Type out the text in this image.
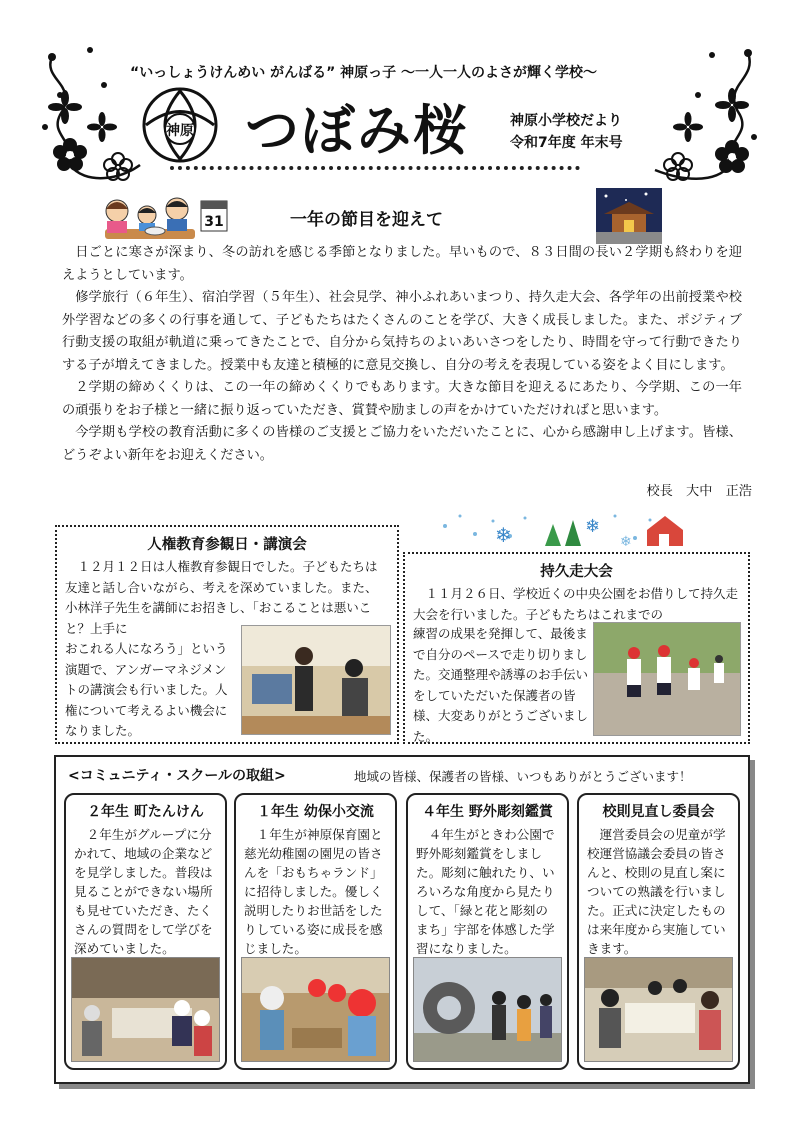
“いっしょうけんめい がんばる” 神原っ子 〜一人一人のよさが輝く学校〜
神原 つぼみ桜	神原小学校だより
令和7年度 年末号
31	一年の節目を迎えて

日ごとに寒さが深まり、冬の訪れを感じる季節となりました。早いもので、８３日間の長い２学期も終わりを迎えようとしています。

修学旅行（６年生）、宿泊学習（５年生）、社会見学、神小ふれあいまつり、持久走大会、各学年の出前授業や校外学習などの多くの行事を通して、子どもたちはたくさんのことを学び、大きく成長しました。また、ポジティブ行動支援の取組が軌道に乗ってきたことで、自分から気持ちのよいあいさつをしたり、時間を守って行動できたりする子が増えてきました。授業中も友達と積極的に意見交換し、自分の考えを表現している姿をよく目にします。

２学期の締めくくりは、この一年の締めくくりでもあります。大きな節目を迎えるにあたり、今学期、この一年の頑張りをお子様と一緒に振り返っていただき、賞賛や励ましの声をかけていただければと思います。

今学期も学校の教育活動に多くの皆様のご支援とご協力をいただいたことに、心から感謝申し上げます。皆様、どうぞよい新年をお迎えください。

校長　大中　正浩
❄	❄
❄
人権教育参観日・講演会
１２月１２日は人権教育参観日でした。子どもたちは友達と話し合いながら、考えを深めていました。また、小林洋子先生を講師にお招きし、「おこることは悪いこと？上手に
おこれる人になろう」という演題で、アンガーマネジメントの講演会も行いました。人権について考えるよい機会になりました。
持久走大会
１１月２６日、学校近くの中央公園をお借りして持久走大会を行いました。子どもたちはこれまでの
練習の成果を発揮して、最後まで自分のペースで走り切りました。交通整理や誘導のお手伝いをしていただいた保護者の皆様、大変ありがとうございました。
<コミュニティ・スクールの取組>	地域の皆様、保護者の皆様、いつもありがとうございます！
２年生 町たんけん
２年生がグループに分かれて、地域の企業などを見学しました。普段は見ることができない場所も見せていただき、たくさんの質問をして学びを深めていました。
１年生 幼保小交流
１年生が神原保育園と慈光幼稚園の園児の皆さんを「おもちゃランド」に招待しました。優しく説明したりお世話をしたりしている姿に成長を感じました。
４年生 野外彫刻鑑賞
４年生がときわ公園で野外彫刻鑑賞をしました。彫刻に触れたり、いろいろな角度から見たりして、「緑と花と彫刻のまち」宇部を体感した学習になりました。
校則見直し委員会
運営委員会の児童が学校運営協議会委員の皆さんと、校則の見直し案についての熟議を行いました。正式に決定したものは来年度から実施していきます。
